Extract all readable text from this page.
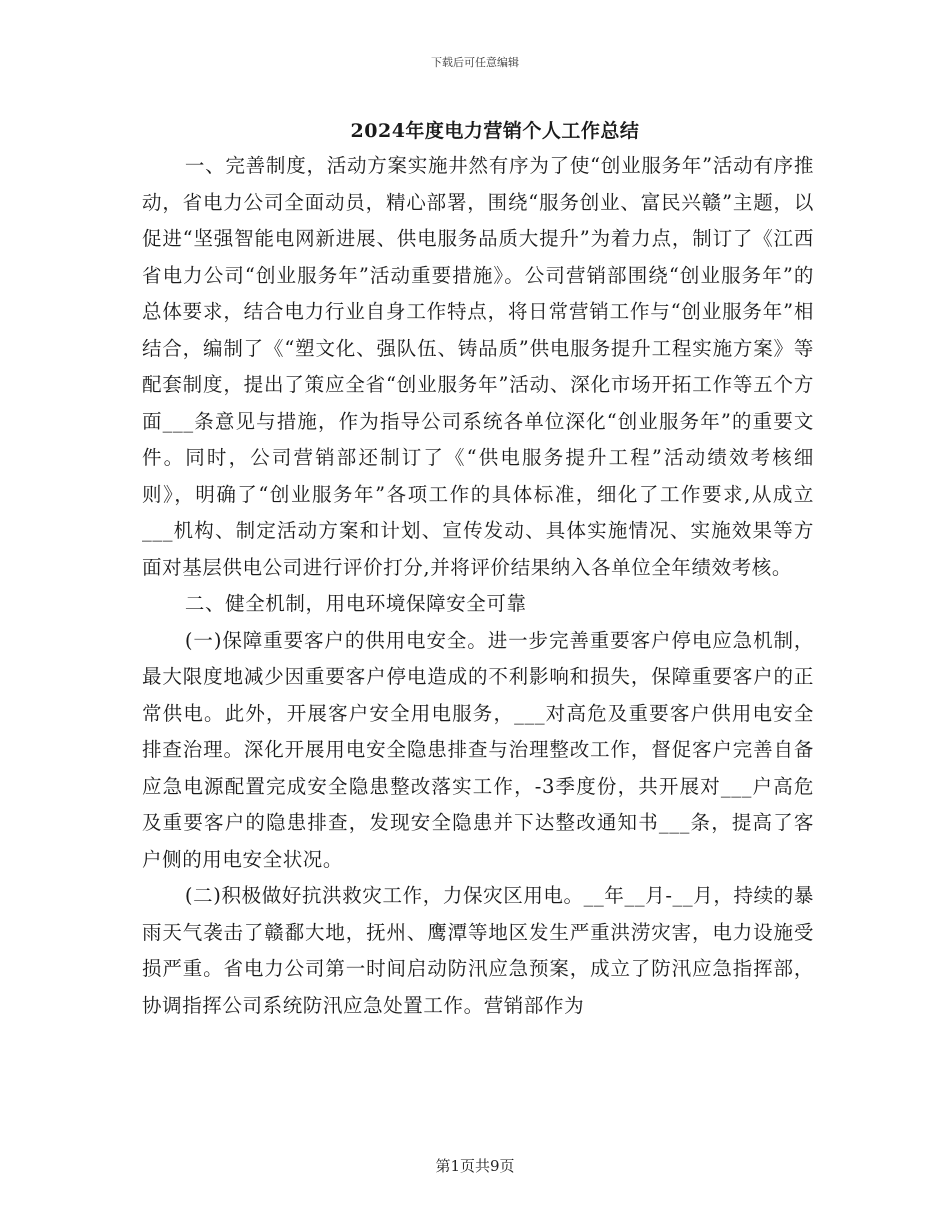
下载后可任意编辑
2024年度电力营销个人工作总结

一、完善制度，活动方案实施井然有序为了使“创业服务年”活动有序推动，省电力公司全面动员，精心部署，围绕“服务创业、富民兴赣”主题，以促进“坚强智能电网新进展、供电服务品质大提升”为着力点，制订了《江西省电力公司“创业服务年”活动重要措施》。公司营销部围绕“创业服务年”的总体要求，结合电力行业自身工作特点，将日常营销工作与“创业服务年”相结合，编制了《“塑文化、强队伍、铸品质”供电服务提升工程实施方案》等配套制度，提出了策应全省“创业服务年”活动、深化市场开拓工作等五个方面___条意见与措施，作为指导公司系统各单位深化“创业服务年”的重要文件。同时，公司营销部还制订了《“供电服务提升工程”活动绩效考核细则》，明确了“创业服务年”各项工作的具体标准，细化了工作要求,从成立___机构、制定活动方案和计划、宣传发动、具体实施情况、实施效果等方面对基层供电公司进行评价打分,并将评价结果纳入各单位全年绩效考核。

二、健全机制，用电环境保障安全可靠

(一)保障重要客户的供用电安全。进一步完善重要客户停电应急机制，最大限度地减少因重要客户停电造成的不利影响和损失，保障重要客户的正常供电。此外，开展客户安全用电服务，___对高危及重要客户供用电安全排查治理。深化开展用电安全隐患排查与治理整改工作，督促客户完善自备应急电源配置完成安全隐患整改落实工作，-3季度份，共开展对___户高危及重要客户的隐患排查，发现安全隐患并下达整改通知书___条，提高了客户侧的用电安全状况。

(二)积极做好抗洪救灾工作，力保灾区用电。__年__月-__月，持续的暴雨天气袭击了赣鄱大地，抚州、鹰潭等地区发生严重洪涝灾害，电力设施受损严重。省电力公司第一时间启动防汛应急预案，成立了防汛应急指挥部，协调指挥公司系统防汛应急处置工作。营销部作为

第1页共9页
